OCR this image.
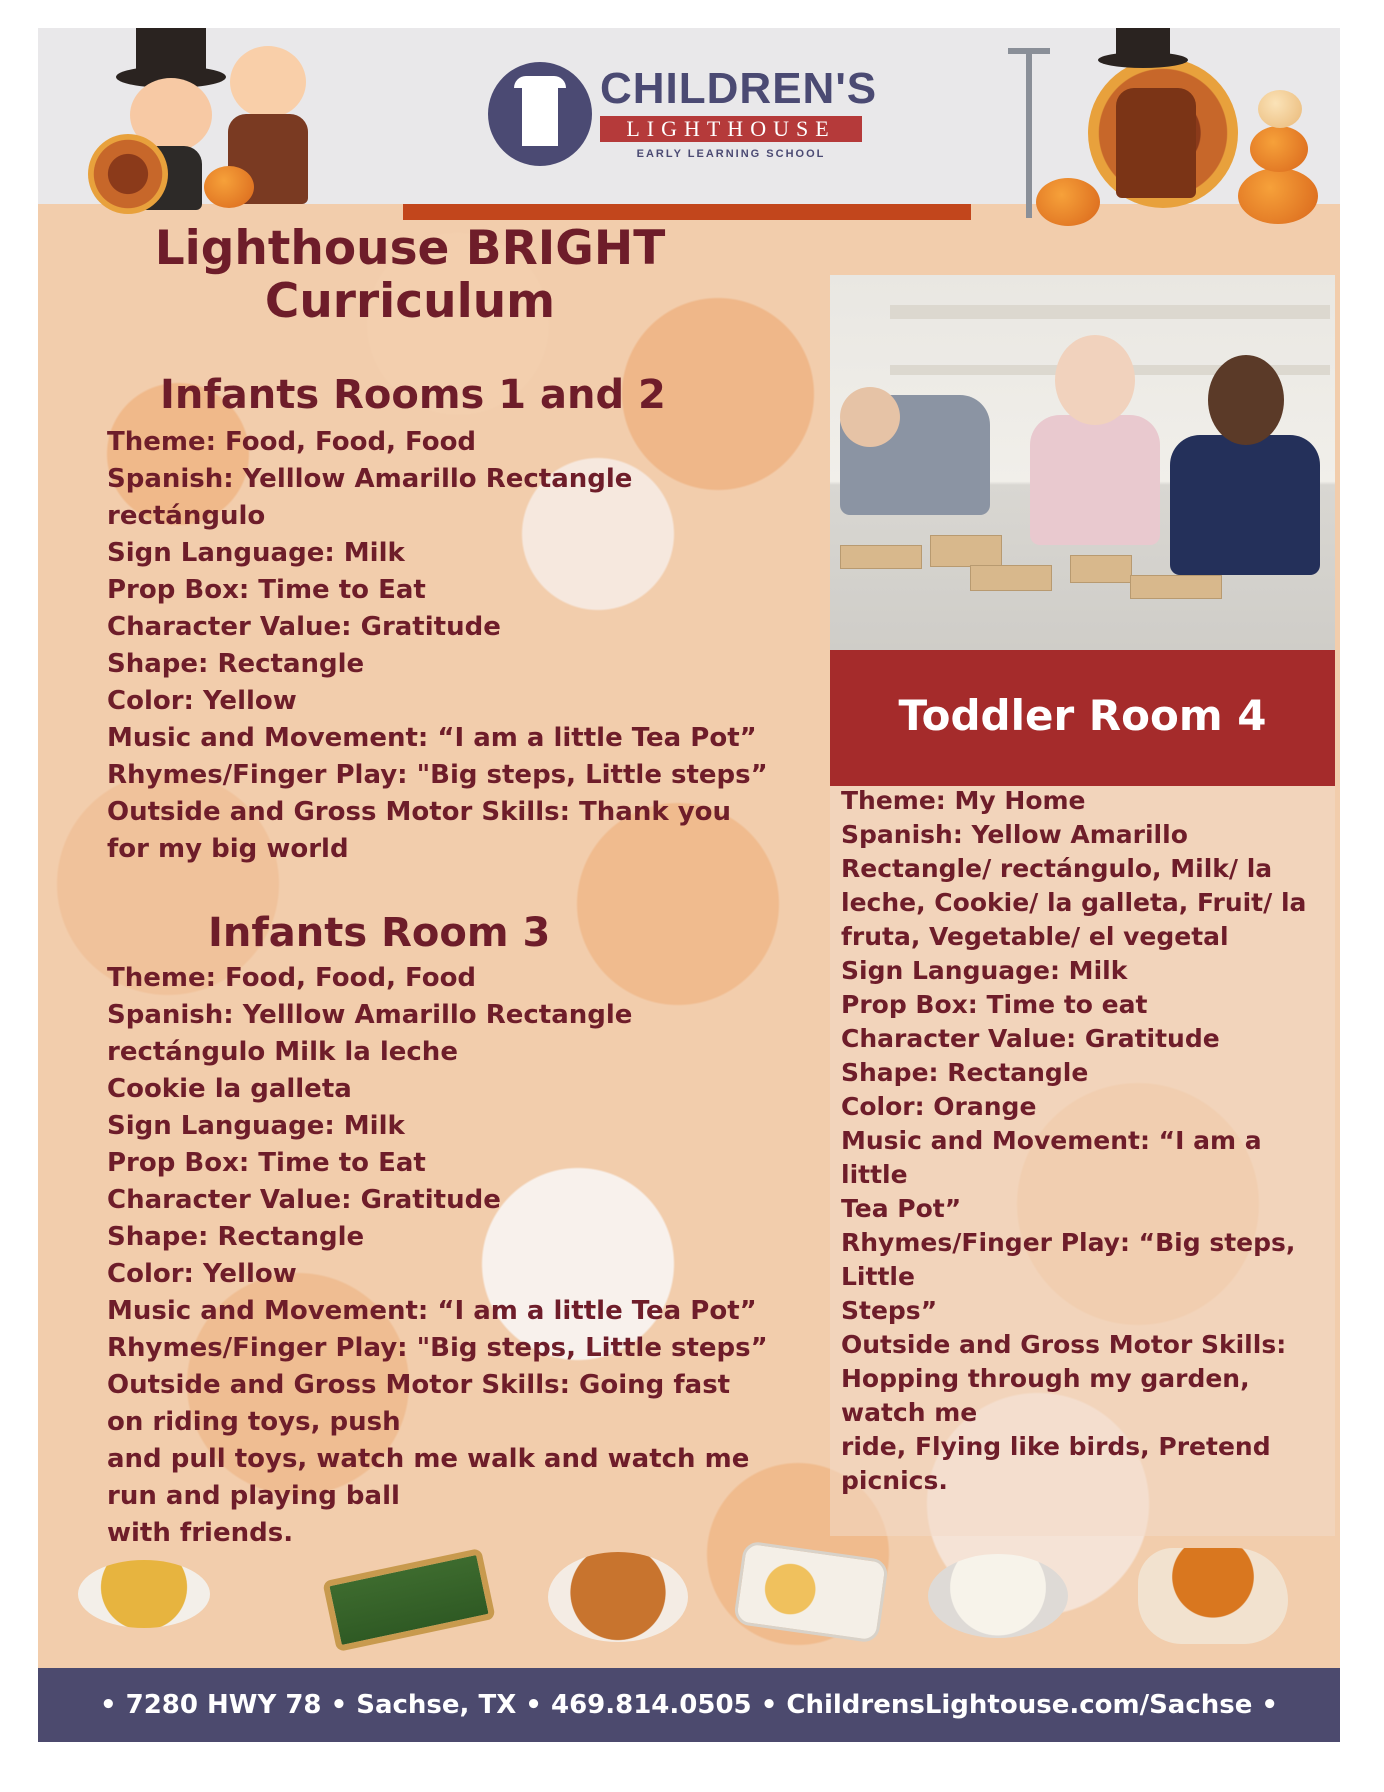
CHILDREN'S
LIGHTHOUSE
EARLY LEARNING SCHOOL
Lighthouse BRIGHT Curriculum
Infants Rooms 1 and 2
Theme: Food, Food, Food
Spanish: Yelllow Amarillo Rectangle
rectángulo
Sign Language: Milk
Prop Box: Time to Eat
Character Value: Gratitude
Shape: Rectangle
Color: Yellow
Music and Movement: “I am a little Tea Pot”
Rhymes/Finger Play: "Big steps, Little steps”
Outside and Gross Motor Skills: Thank you
for my big world
Infants Room 3
Theme: Food, Food, Food
Spanish: Yelllow Amarillo Rectangle
rectángulo Milk la leche
Cookie la galleta
Sign Language: Milk
Prop Box: Time to Eat
Character Value: Gratitude
Shape: Rectangle
Color: Yellow
Music and Movement: “I am a little Tea Pot”
Rhymes/Finger Play: "Big steps, Little steps”
Outside and Gross Motor Skills: Going fast
on riding toys, push
and pull toys, watch me walk and watch me
run and playing ball
with friends.
Toddler Room 4
Theme: My Home
Spanish: Yellow Amarillo
Rectangle/ rectángulo, Milk/ la
leche, Cookie/ la galleta, Fruit/ la
fruta, Vegetable/ el vegetal
Sign Language: Milk
Prop Box: Time to eat
Character Value: Gratitude
Shape: Rectangle
Color: Orange
Music and Movement: “I am a
little
Tea Pot”
Rhymes/Finger Play: “Big steps,
Little
Steps”
Outside and Gross Motor Skills:
Hopping through my garden,
watch me
ride, Flying like birds, Pretend
picnics.
• 7280 HWY 78 • Sachse, TX • 469.814.0505 • ChildrensLightouse.com/Sachse •
